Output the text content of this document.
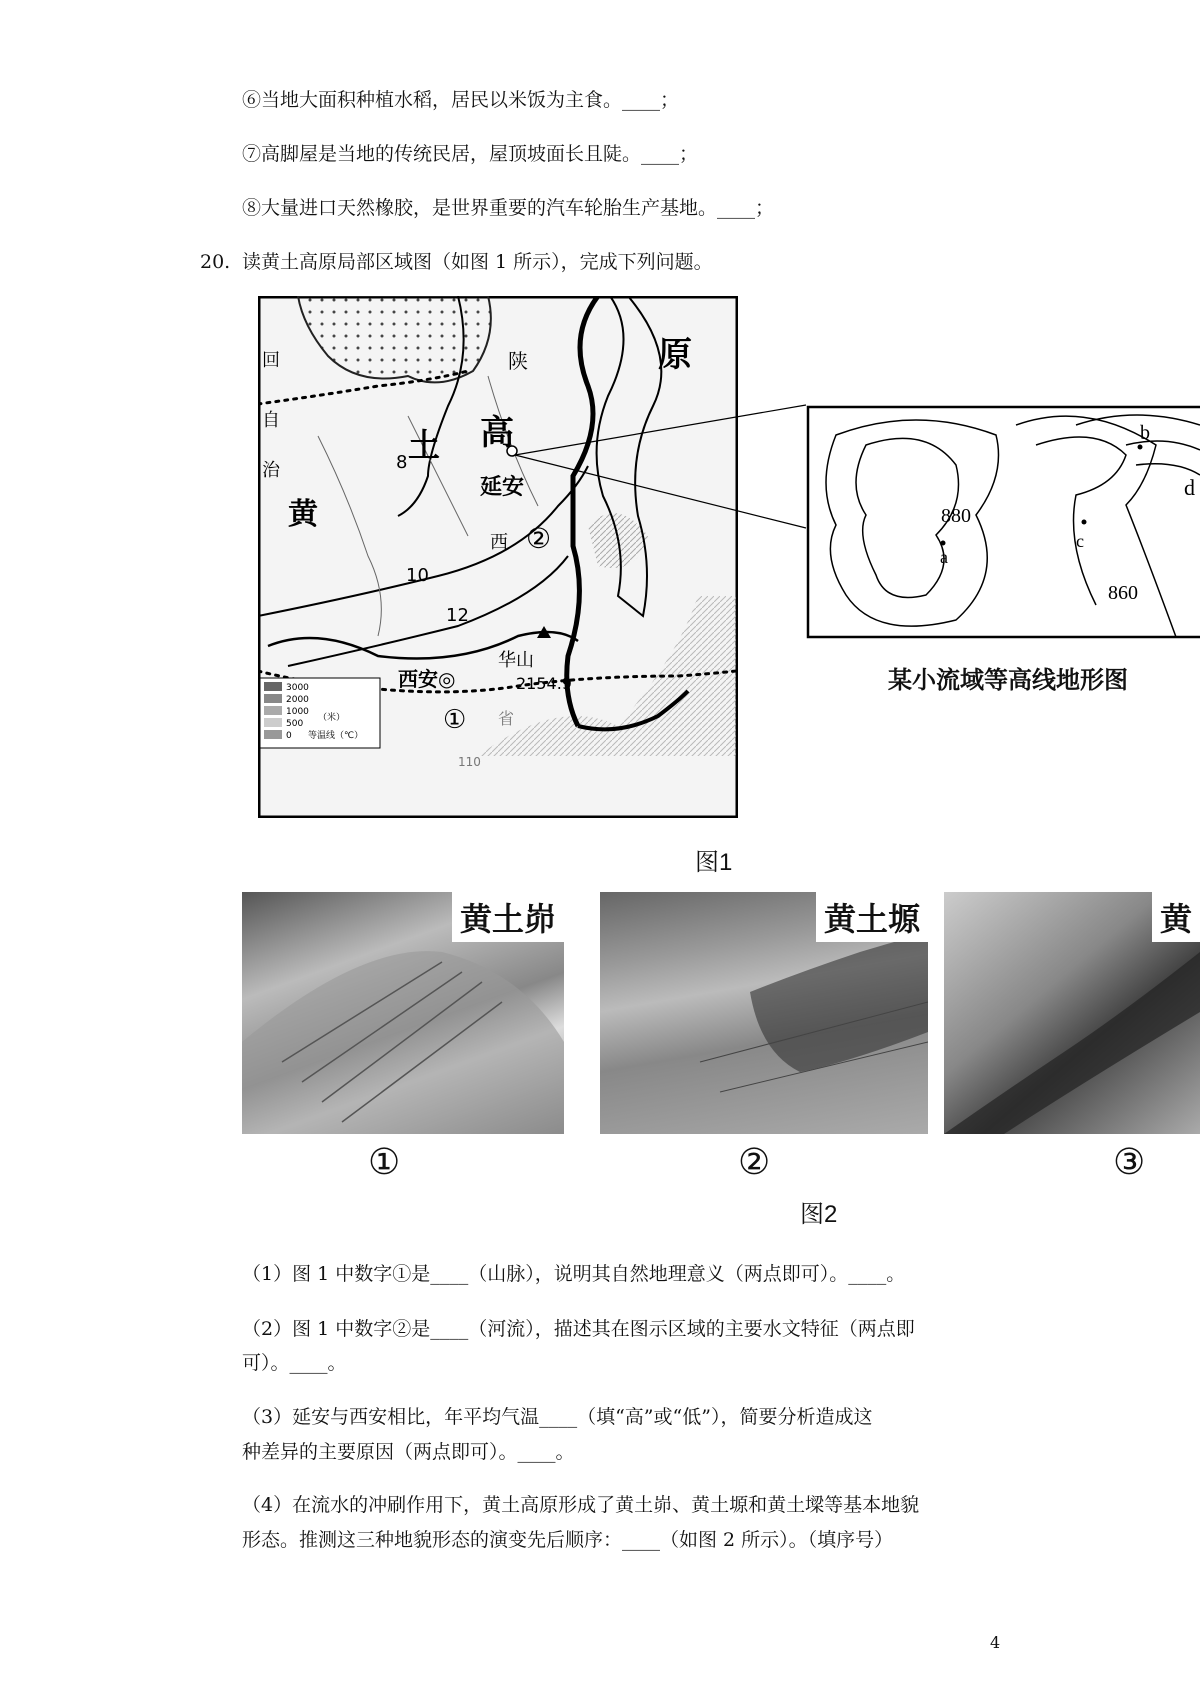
⑥当地大面积种植水稻，居民以米饭为主食。____；
⑦高脚屋是当地的传统民居，屋顶坡面长且陡。____；
⑧大量进口天然橡胶，是世界重要的汽车轮胎生产基地。____；
20. 读黄土高原局部区域图（如图 1 所示），完成下列问题。
陕
高
原
土
黄
延安
西 ②
①
西安◎
华山
2154.9
省
回
自
治	8
10
12
110
3000
2000
1000
500
0
（米）
等温线（℃）
a
b
c
d
880
860
某小流域等高线地形图
图1
黄土峁	黄土塬	黄
①	②	③
图2
（1）图 1 中数字①是____（山脉），说明其自然地理意义（两点即可）。____。
（2）图 1 中数字②是____（河流），描述其在图示区域的主要水文特征（两点即
可）。____。
（3）延安与西安相比，年平均气温____（填“高”或“低”），简要分析造成这
种差异的主要原因（两点即可）。____。
（4）在流水的冲刷作用下，黄土高原形成了黄土峁、黄土塬和黄土墚等基本地貌
形态。推测这三种地貌形态的演变先后顺序：____（如图 2 所示）。（填序号）
4
